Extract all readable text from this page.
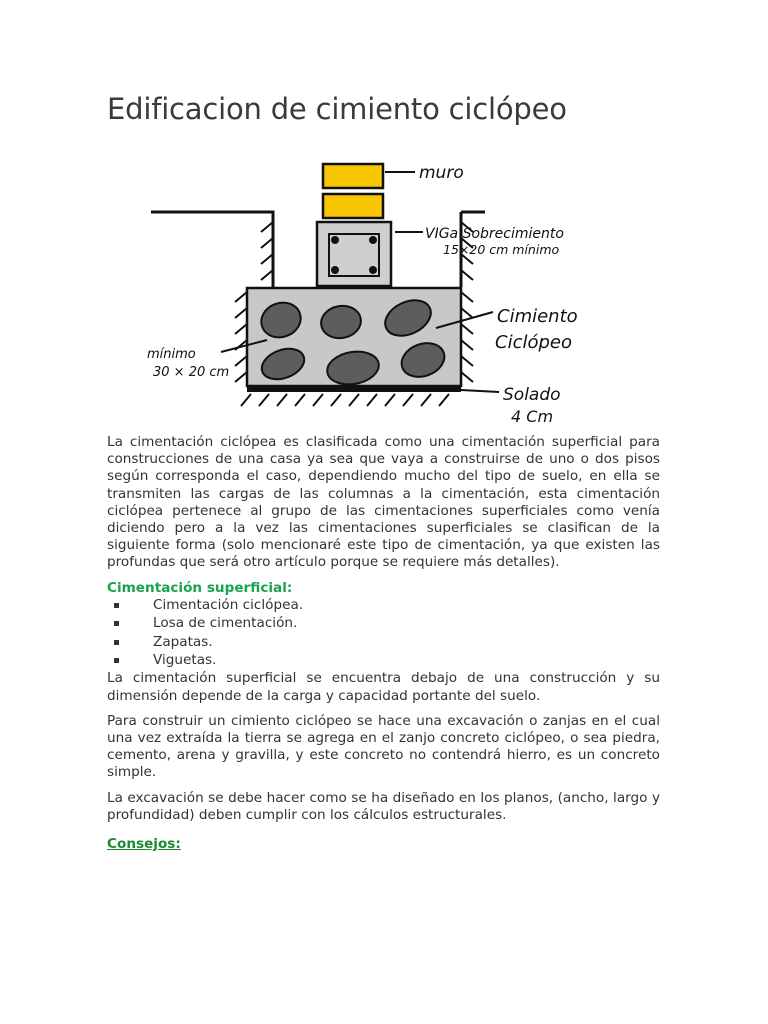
Edificacion de cimiento ciclópeo
muro
VIGa Sobrecimiento
15×20 cm mínimo
Cimiento
Ciclópeo
mínimo
30 × 20 cm
Solado
4 Cm

La cimentación ciclópea es clasificada como una cimentación superficial para construcciones de una casa ya sea que vaya a construirse de uno o dos pisos según corresponda el caso, dependiendo mucho del tipo de suelo, en ella se transmiten las cargas de las columnas a la cimentación, esta cimentación ciclópea pertenece al grupo de las cimentaciones superficiales como venía diciendo pero a la vez las cimentaciones superficiales se clasifican de la siguiente forma (solo mencionaré este tipo de cimentación, ya que existen las profundas que será otro artículo porque se requiere más detalles).

Cimentación superficial:
Cimentación ciclópea.
Losa de cimentación.
Zapatas.
Viguetas.

La cimentación superficial se encuentra debajo de una construcción y su dimensión depende de la carga y capacidad portante del suelo.

Para construir un cimiento ciclópeo se hace una excavación o zanjas en el cual una vez extraída la tierra se agrega en el zanjo concreto ciclópeo, o sea piedra, cemento, arena y gravilla, y este concreto no contendrá hierro, es un concreto simple.

La excavación se debe hacer como se ha diseñado en los planos, (ancho, largo y profundidad) deben cumplir con los cálculos estructurales.

Consejos:
